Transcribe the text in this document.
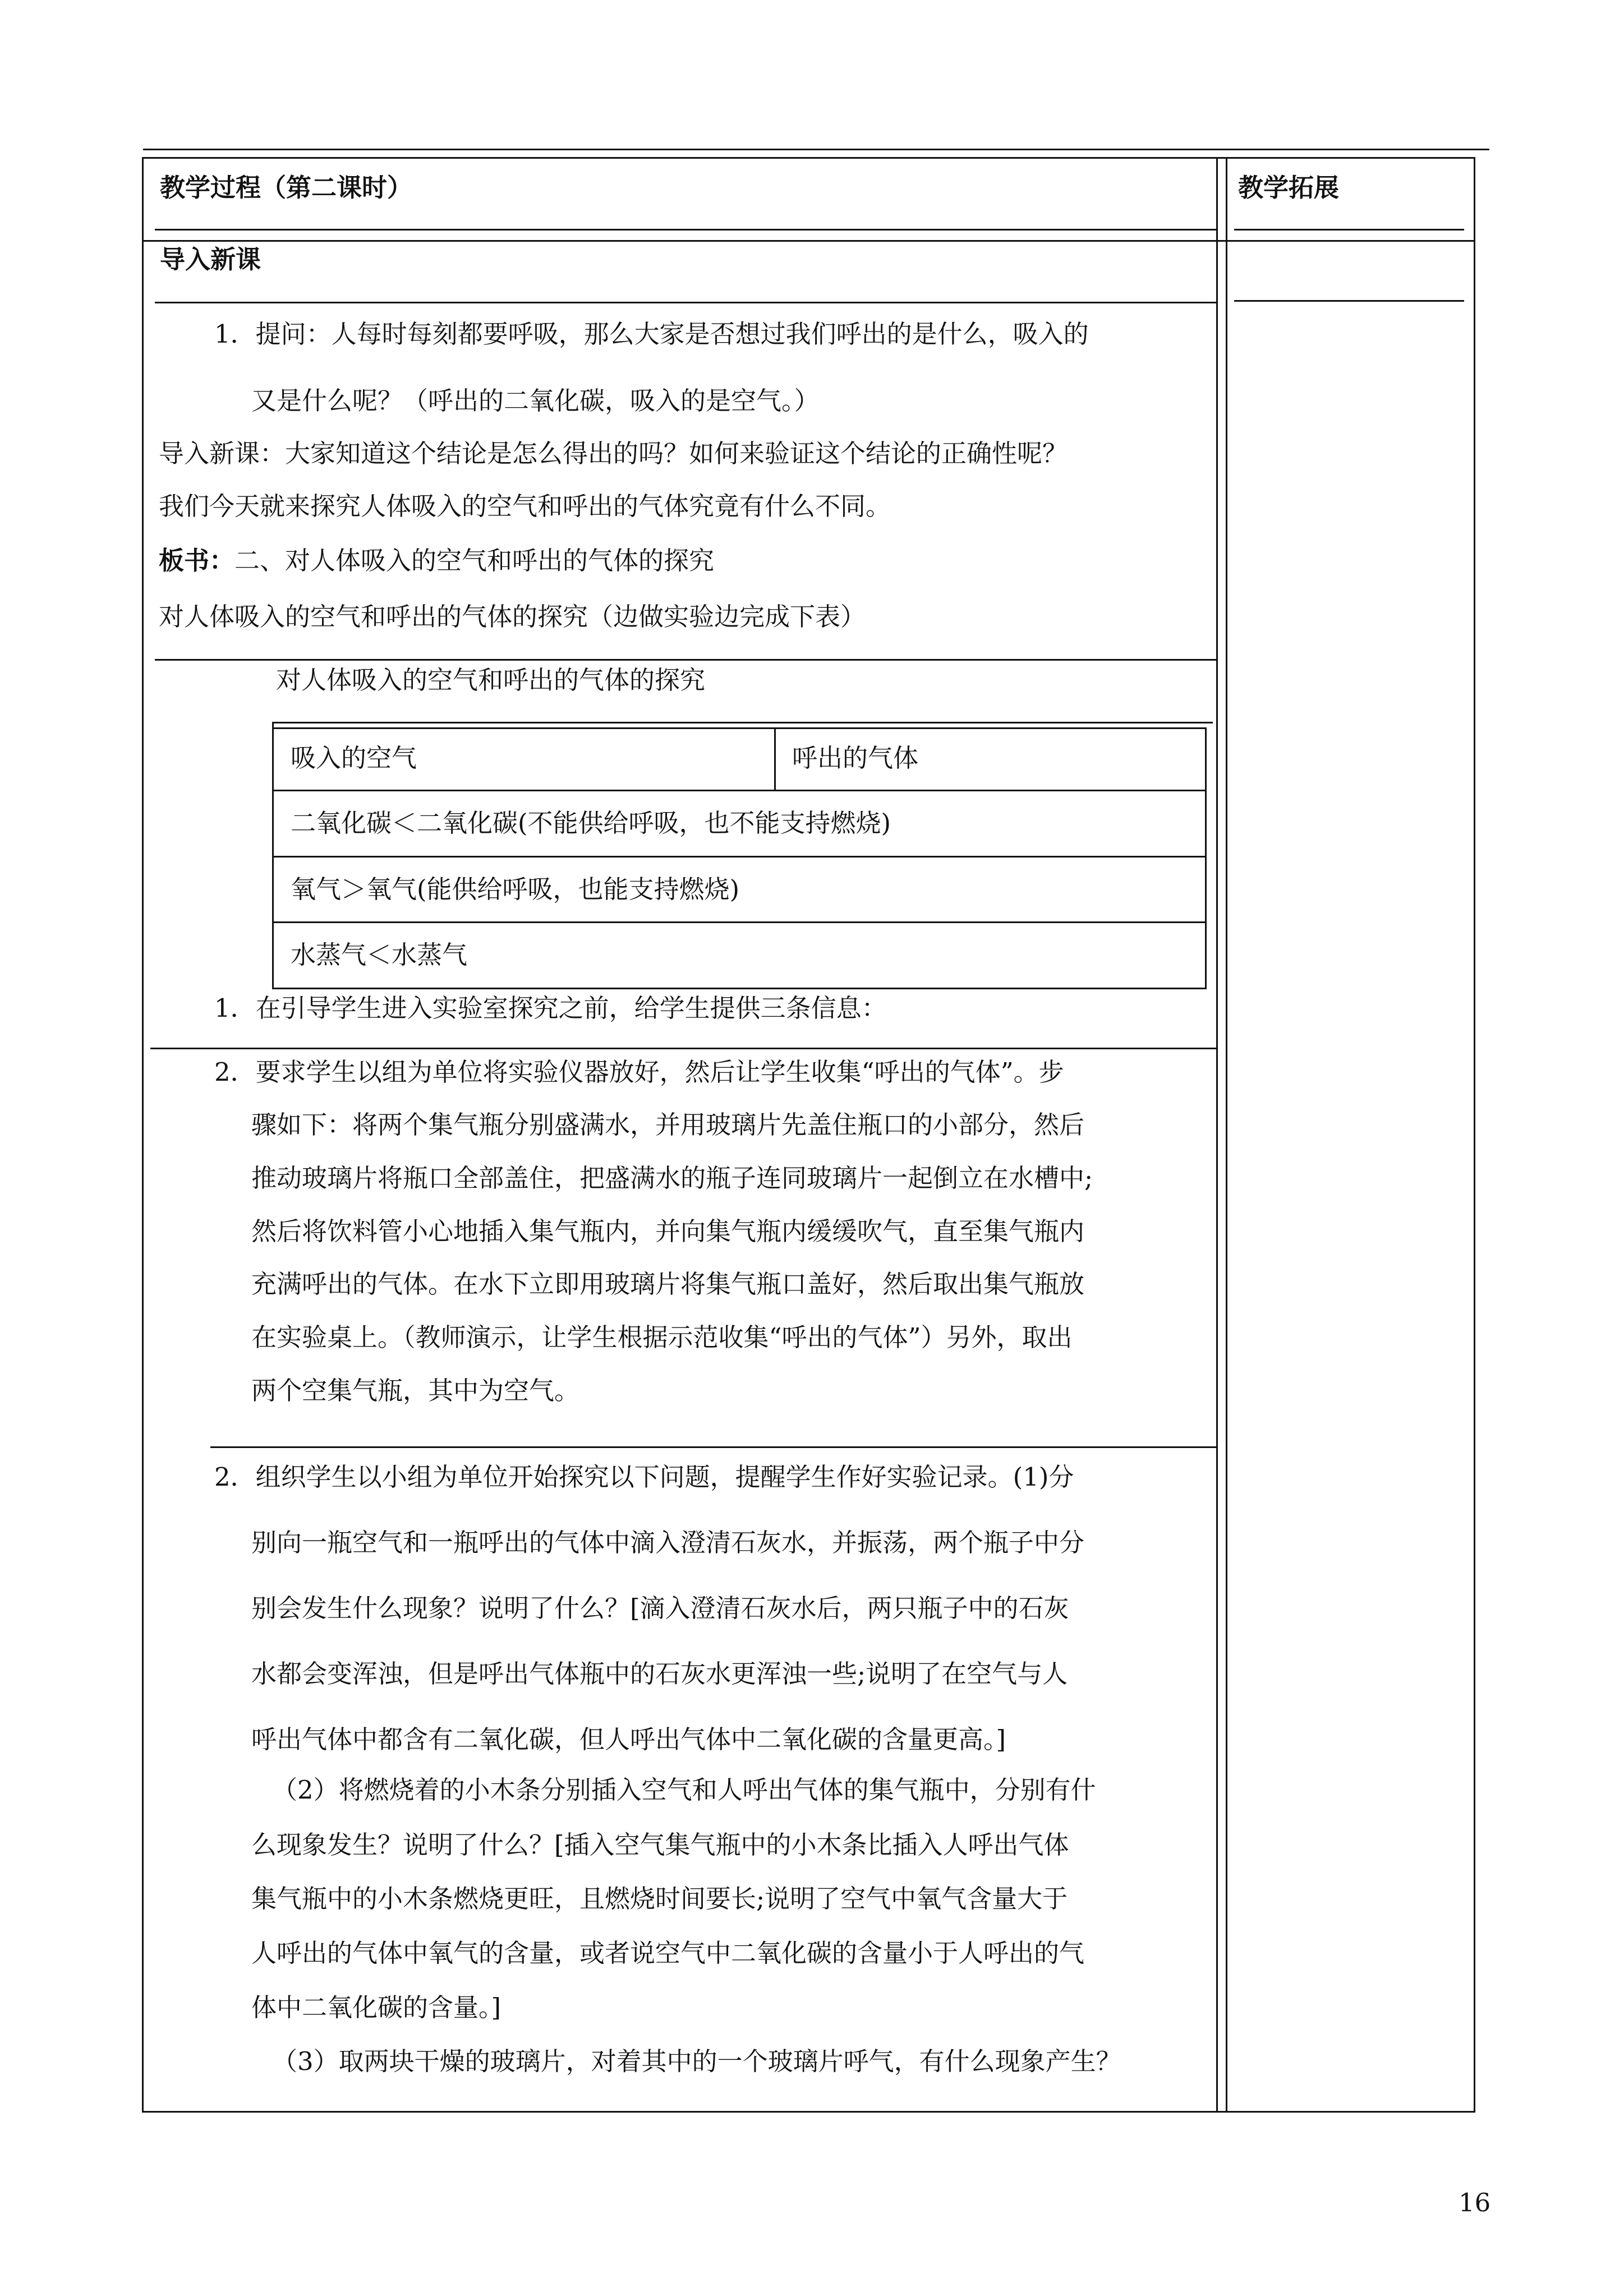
教学过程（第二课时）	教学拓展
导入新课
1．提问：人每时每刻都要呼吸，那么大家是否想过我们呼出的是什么，吸入的
又是什么呢？（呼出的二氧化碳，吸入的是空气。）
导入新课：大家知道这个结论是怎么得出的吗？如何来验证这个结论的正确性呢？
我们今天就来探究人体吸入的空气和呼出的气体究竟有什么不同。
板书：二、对人体吸入的空气和呼出的气体的探究
对人体吸入的空气和呼出的气体的探究（边做实验边完成下表）
对人体吸入的空气和呼出的气体的探究
吸入的空气	呼出的气体
二氧化碳＜二氧化碳(不能供给呼吸，也不能支持燃烧)
氧气＞氧气(能供给呼吸，也能支持燃烧)
水蒸气＜水蒸气
1．在引导学生进入实验室探究之前，给学生提供三条信息：
2．要求学生以组为单位将实验仪器放好，然后让学生收集“呼出的气体”。步
骤如下：将两个集气瓶分别盛满水，并用玻璃片先盖住瓶口的小部分，然后
推动玻璃片将瓶口全部盖住，把盛满水的瓶子连同玻璃片一起倒立在水槽中;
然后将饮料管小心地插入集气瓶内，并向集气瓶内缓缓吹气，直至集气瓶内
充满呼出的气体。在水下立即用玻璃片将集气瓶口盖好，然后取出集气瓶放
在实验桌上。（教师演示，让学生根据示范收集“呼出的气体”）另外，取出
两个空集气瓶，其中为空气。
2．组织学生以小组为单位开始探究以下问题，提醒学生作好实验记录。(1)分
别向一瓶空气和一瓶呼出的气体中滴入澄清石灰水，并振荡，两个瓶子中分
别会发生什么现象？说明了什么？[滴入澄清石灰水后，两只瓶子中的石灰
水都会变浑浊，但是呼出气体瓶中的石灰水更浑浊一些;说明了在空气与人
呼出气体中都含有二氧化碳，但人呼出气体中二氧化碳的含量更高。]
（2）将燃烧着的小木条分别插入空气和人呼出气体的集气瓶中，分别有什
么现象发生？说明了什么？[插入空气集气瓶中的小木条比插入人呼出气体
集气瓶中的小木条燃烧更旺，且燃烧时间要长;说明了空气中氧气含量大于
人呼出的气体中氧气的含量，或者说空气中二氧化碳的含量小于人呼出的气
体中二氧化碳的含量。]
（3）取两块干燥的玻璃片，对着其中的一个玻璃片呼气，有什么现象产生？
16
